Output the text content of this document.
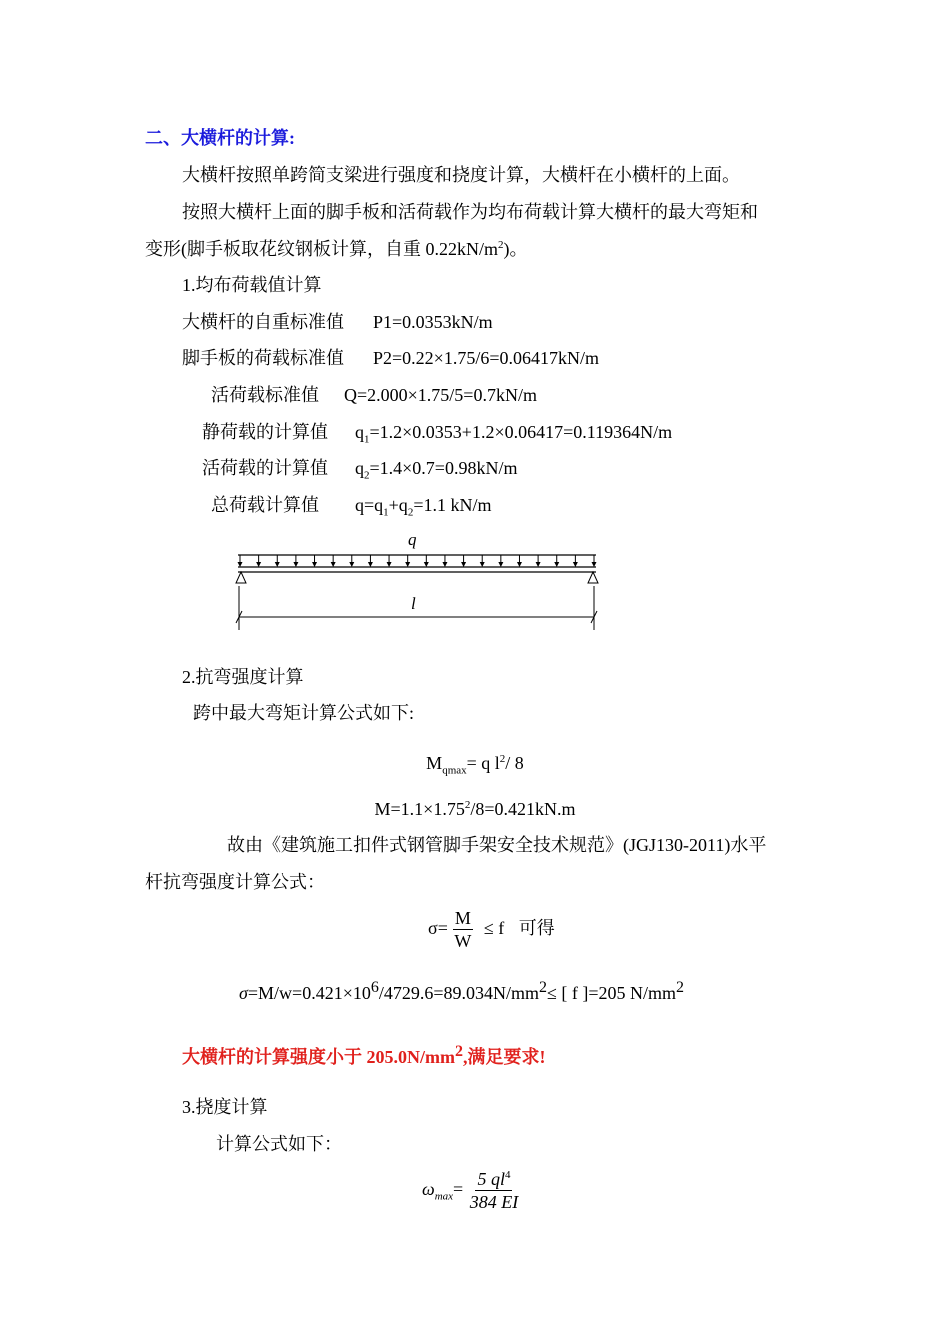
二、大横杆的计算:
大横杆按照单跨简支梁进行强度和挠度计算，大横杆在小横杆的上面。
按照大横杆上面的脚手板和活荷载作为均布荷载计算大横杆的最大弯矩和
变形(脚手板取花纹钢板计算，自重 $0.22kN/m^2$)。
1.均布荷载值计算
大横杆的自重标准值 P1=0.0353kN/m
脚手板的荷载标准值 P2=0.22×1.75/6=0.06417kN/m
活荷载标准值 Q=2.000×1.75/5=0.7kN/m
静荷载的计算值 $q_1=1.2\times 0.0353+1.2\times 0.06417=0.119364N/m$
活荷载的计算值 $q_2=1.4\times 0.7=0.98kN/m$
总荷载计算值 $q=q_1+q_2=1.1$ kN/m
q
l
2.抗弯强度计算
跨中最大弯矩计算公式如下:
$M_{qmax}= q$ $l^2/$ 8
$M=1.1\times 1.75^2/8=0.421kN.m$
故由《建筑施工扣件式钢管脚手架安全技术规范》(JGJ130-2011)水平
杆抗弯强度计算公式：
$\sigma= \frac{M}{W} \le f$ 可得
$\sigma=M/w=0.421\times 10^6/4729.6=89.034N/mm^2\le$ [ f ]=205 $N/mm^2$
大横杆的计算强度小于 $205.0N/mm^2$,满足要求!
3.挠度计算
计算公式如下：
$\omega_{max}= \frac{5 ql^4}{384 EI}$
